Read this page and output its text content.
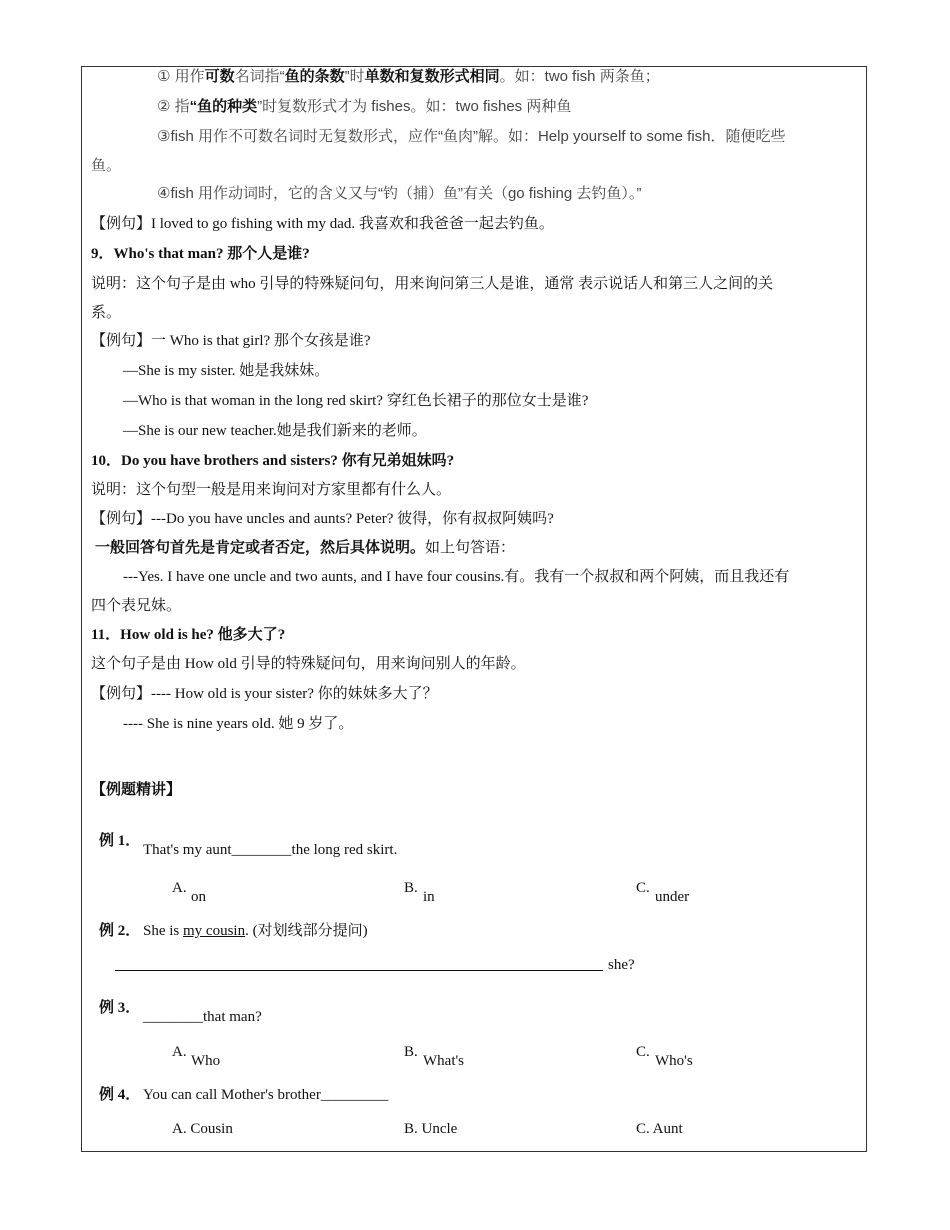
① 用作可数名词指“鱼的条数”时单数和复数形式相同。如：two fish 两条鱼；
② 指“鱼的种类”时复数形式才为 fishes。如：two fishes 两种鱼
③fish 用作不可数名词时无复数形式，应作“鱼肉”解。如：Help yourself to some fish．随便吃些
鱼。
④fish 用作动词时，它的含义又与“钓（捕）鱼”有关（go fishing 去钓鱼）。”
【例句】I loved to go fishing with my dad. 我喜欢和我爸爸一起去钓鱼。
9．Who's that man? 那个人是谁?
说明：这个句子是由 who 引导的特殊疑问句，用来询问第三人是谁，通常 表示说话人和第三人之间的关
系。
【例句】一 Who is that girl? 那个女孩是谁?
—She is my sister. 她是我妹妹。
—Who is that woman in the long red skirt? 穿红色长裙子的那位女士是谁?
—She is our new teacher.她是我们新来的老师。
10．Do you have brothers and sisters? 你有兄弟姐妹吗?
说明：这个句型一般是用来询问对方家里都有什么人。
【例句】---Do you have uncles and aunts? Peter? 彼得，你有叔叔阿姨吗?
一般回答句首先是肯定或者否定，然后具体说明。如上句答语：
---Yes. I have one uncle and two aunts, and I have four cousins.有。我有一个叔叔和两个阿姨，而且我还有
四个表兄妹。
11．How old is he? 他多大了?
这个句子是由 How old 引导的特殊疑问句，用来询问别人的年龄。
【例句】---- How old is your sister? 你的妹妹多大了？
---- She is nine years old. 她 9 岁了。
【例题精讲】
例 1．
That's my aunt________the long red skirt.
A.
on
B.
in
C.
under
例 2． She is my cousin. (对划线部分提问)
she?
例 3．
________that man?
A.
Who
B.
What's
C.
Who's
例 4． You can call Mother's brother_________
A. Cousin	B. Uncle	C. Aunt
